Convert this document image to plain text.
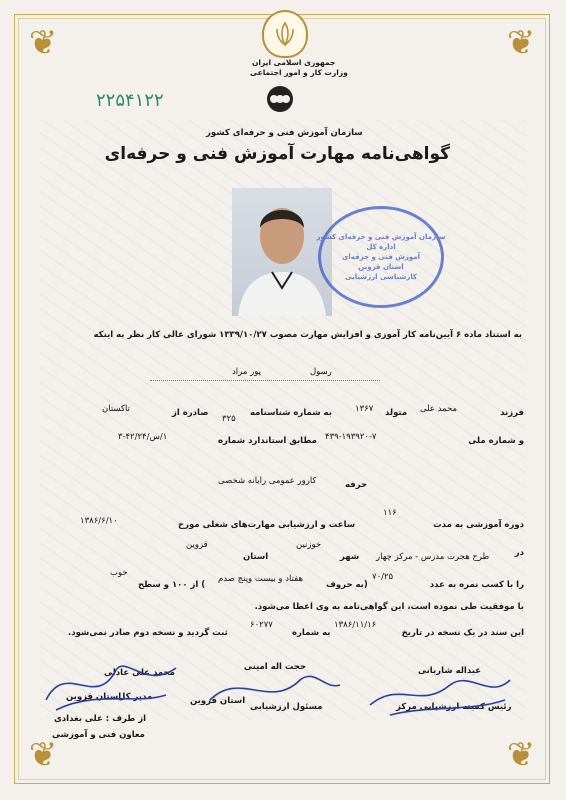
❦	❦
❦	❦
جمهوری اسلامی ایران
وزارت کار و امور اجتماعی
۲۲۵۴۱۲۲
سازمان آموزش فنی و حرفه‌ای کشور
گواهی‌نامه مهارت آموزش فنی و حرفه‌ای
سازمان آموزش فنی و حرفه‌ای کشور
اداره کل
آموزش فنی و حرفه‌ای
استان قزوین
کارشناسی ارزشیابی
به استناد ماده ۶ آیین‌نامه کار آموزی و افزایش مهارت مصوب ۱۳۳۹/۱۰/۲۷ شورای عالی کار نظر به اینکه
رسول
پور مراد
فرزند
محمد علی
متولد
۱۳۶۷
به شماره شناسنامه
۳۲۵
صادره از
تاکستان
و شماره ملی
۴۳۹-۱۹۳۹۲۰-۷
مطابق استاندارد شماره
۱/س/۴۲/۲۴-۳
حرفه
کارور عمومی رایانه شخصی
دوره آموزشی به مدت
۱۱۶
ساعت و ارزشیابی مهارت‌های شغلی مورخ
۱۳۸۶/۶/۱۰
در
طرح هجرت مدرس - مرکز چهار
شهر
خوزنین
استان
قزوین
را با کسب نمره به عدد
۷۰/۲۵
(به حروف
هفتاد و بیست وپنج صدم
) از ۱۰۰ و سطح
خوب
با موفقیت طی نموده است، این گواهی‌نامه به وی اعطا می‌شود.
این سند در یک نسخه در تاریخ
۱۳۸۶/۱۱/۱۶
به شماره
۶۰۲۷۷
ثبت گردید و نسخه دوم صادر نمی‌شود.
محمد علی عادلی
مدیر کل
استان قزوین
از طرف : علی بغدادی
معاون فنی و آموزشی
حجت اله امینی
مسئول ارزشیابی
استان قزوین
عبداله شاربانی
رئیس کمیته ارزشیابی مرکز
